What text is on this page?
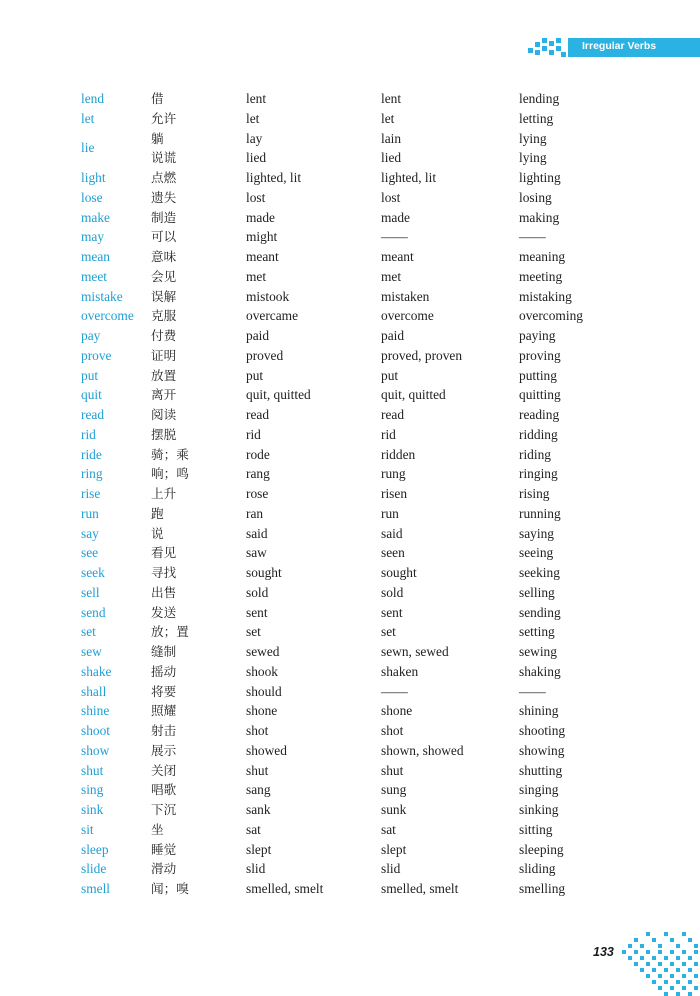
Irregular Verbs
lend	借	lent	lent	lending
let	允许	let	let	letting
lie	躺	lay	lain	lying
	说谎	lied	lied	lying
light	点燃	lighted, lit	lighted, lit	lighting
lose	遗失	lost	lost	losing
make	制造	made	made	making
may	可以	might	——	——
mean	意味	meant	meant	meaning
meet	会见	met	met	meeting
mistake	误解	mistook	mistaken	mistaking
overcome	克服	overcame	overcome	overcoming
pay	付费	paid	paid	paying
prove	证明	proved	proved, proven	proving
put	放置	put	put	putting
quit	离开	quit, quitted	quit, quitted	quitting
read	阅读	read	read	reading
rid	摆脱	rid	rid	ridding
ride	骑；乘	rode	ridden	riding
ring	响；鸣	rang	rung	ringing
rise	上升	rose	risen	rising
run	跑	ran	run	running
say	说	said	said	saying
see	看见	saw	seen	seeing
seek	寻找	sought	sought	seeking
sell	出售	sold	sold	selling
send	发送	sent	sent	sending
set	放；置	set	set	setting
sew	缝制	sewed	sewn, sewed	sewing
shake	摇动	shook	shaken	shaking
shall	将要	should	——	——
shine	照耀	shone	shone	shining
shoot	射击	shot	shot	shooting
show	展示	showed	shown, showed	showing
shut	关闭	shut	shut	shutting
sing	唱歌	sang	sung	singing
sink	下沉	sank	sunk	sinking
sit	坐	sat	sat	sitting
sleep	睡觉	slept	slept	sleeping
slide	滑动	slid	slid	sliding
smell	闻；嗅	smelled, smelt	smelled, smelt	smelling
133
